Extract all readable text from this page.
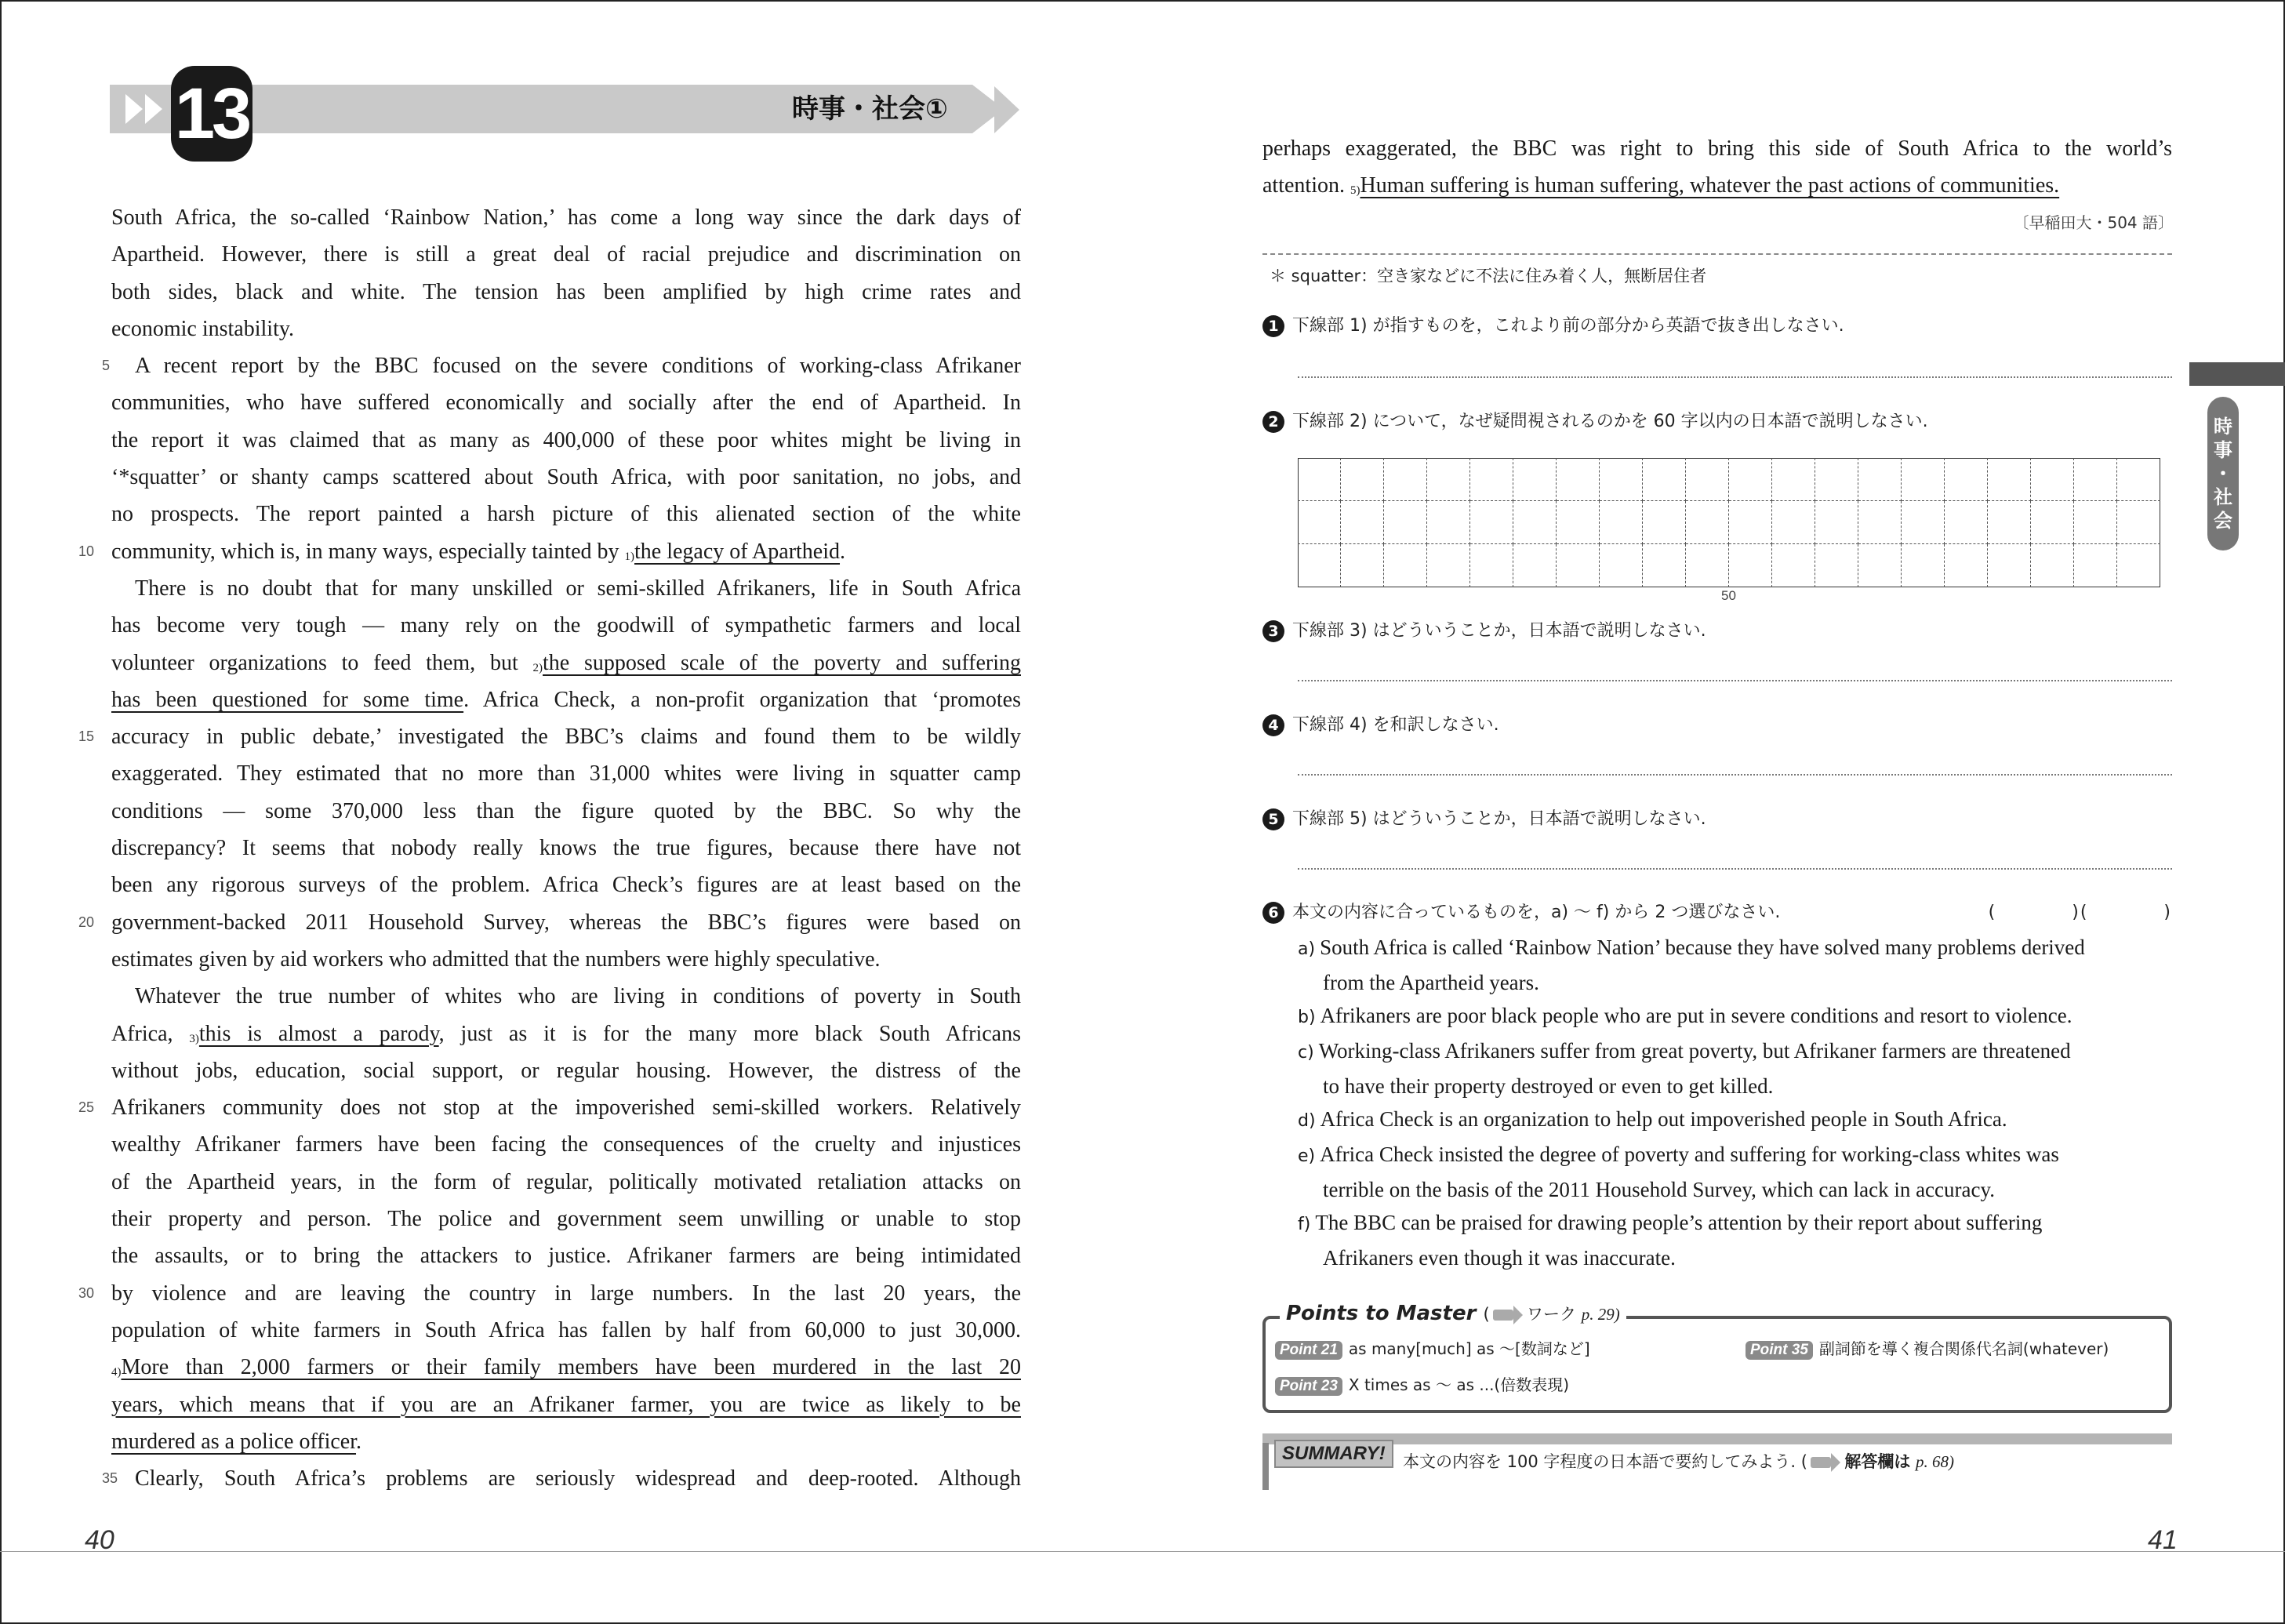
13	時事・社会①
South Africa, the so-called ‘Rainbow Nation,’ has come a long way since the dark days of
Apartheid. However, there is still a great deal of racial prejudice and discrimination on
both sides, black and white. The tension has been amplified by high crime rates and
economic instability.
5 A recent report by the BBC focused on the severe conditions of working-class Afrikaner
communities, who have suffered economically and socially after the end of Apartheid. In
the report it was claimed that as many as 400,000 of these poor whites might be living in
‘*squatter’ or shanty camps scattered about South Africa, with poor sanitation, no jobs, and
no prospects. The report painted a harsh picture of this alienated section of the white
10 community, which is, in many ways, especially tainted by $_{1)}$the legacy of Apartheid.
There is no doubt that for many unskilled or semi-skilled Afrikaners, life in South Africa
has become very tough — many rely on the goodwill of sympathetic farmers and local
volunteer organizations to feed them, but $_{2)}$the supposed scale of the poverty and suffering
has been questioned for some time. Africa Check, a non-profit organization that ‘promotes
15 accuracy in public debate,’ investigated the BBC’s claims and found them to be wildly
exaggerated. They estimated that no more than 31,000 whites were living in squatter camp
conditions — some 370,000 less than the figure quoted by the BBC. So why the
discrepancy? It seems that nobody really knows the true figures, because there have not
been any rigorous surveys of the problem. Africa Check’s figures are at least based on the
20 government-backed 2011 Household Survey, whereas the BBC’s figures were based on
estimates given by aid workers who admitted that the numbers were highly speculative.
Whatever the true number of whites who are living in conditions of poverty in South
Africa, $_{3)}$this is almost a parody, just as it is for the many more black South Africans
without jobs, education, social support, or regular housing. However, the distress of the
25 Afrikaners community does not stop at the impoverished semi-skilled workers. Relatively
wealthy Afrikaner farmers have been facing the consequences of the cruelty and injustices
of the Apartheid years, in the form of regular, politically motivated retaliation attacks on
their property and person. The police and government seem unwilling or unable to stop
the assaults, or to bring the attackers to justice. Afrikaner farmers are being intimidated
30 by violence and are leaving the country in large numbers. In the last 20 years, the
population of white farmers in South Africa has fallen by half from 60,000 to just 30,000.
$_{4)}$More than 2,000 farmers or their family members have been murdered in the last 20
years, which means that if you are an Afrikaner farmer, you are twice as likely to be
murdered as a police officer.
35 Clearly, South Africa’s problems are seriously widespread and deep-rooted. Although
40
perhaps exaggerated, the BBC was right to bring this side of South Africa to the world’s
attention. $_{5)}$Human suffering is human suffering, whatever the past actions of communities.
〔早稲田大・504 語〕
＊ squatter：空き家などに不法に住み着く人，無断居住者
時
事
・
社
会
1 下線部 1) が指すものを，これより前の部分から英語で抜き出しなさい.
2 下線部 2) について，なぜ疑問視されるのかを 60 字以内の日本語で説明しなさい.
50
3 下線部 3) はどういうことか，日本語で説明しなさい.
4 下線部 4) を和訳しなさい.
5 下線部 5) はどういうことか，日本語で説明しなさい.
6 本文の内容に合っているものを，a) ～ f) から 2 つ選びなさい.	(　　　　)(　　　　)
a) South Africa is called ‘Rainbow Nation’ because they have solved many problems derived
from the Apartheid years.
b) Afrikaners are poor black people who are put in severe conditions and resort to violence.
c) Working-class Afrikaners suffer from great poverty, but Afrikaner farmers are threatened
to have their property destroyed or even to get killed.
d) Africa Check is an organization to help out impoverished people in South Africa.
e) Africa Check insisted the degree of poverty and suffering for working-class whites was
terrible on the basis of the 2011 Household Survey, which can lack in accuracy.
f) The BBC can be praised for drawing people’s attention by their report about suffering
Afrikaners even though it was inaccurate.
Points to Master ( ワーク p. 29)
Point 21 as many[much] as ～[数詞など]	Point 35 副詞節を導く複合関係代名詞(whatever)
Point 23 X times as ～ as ...(倍数表現)
SUMMARY!	本文の内容を 100 字程度の日本語で要約してみよう. ( 解答欄は p. 68)
41
